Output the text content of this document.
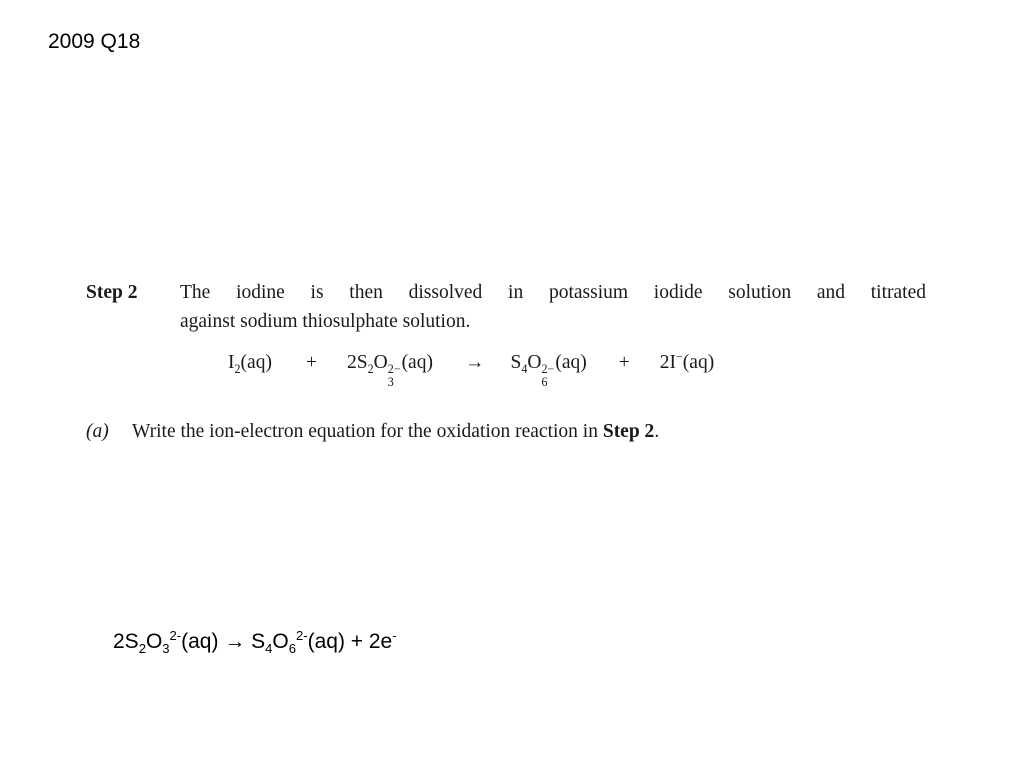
2009 Q18
Step 2	The iodine is then dissolved in potassium iodide solution and titrated
against sodium thiosulphate solution.
$I_2(aq) + 2S_2O$ 2−
3
$(aq) \to S_4O$ 2−
6
(aq) + 2I−(aq)
(a) Write the ion-electron equation for the oxidation reaction in Step 2.
$2S_2O_3^{2-}(aq) \to S_4O_6^{2-}(aq) + 2e^-$
